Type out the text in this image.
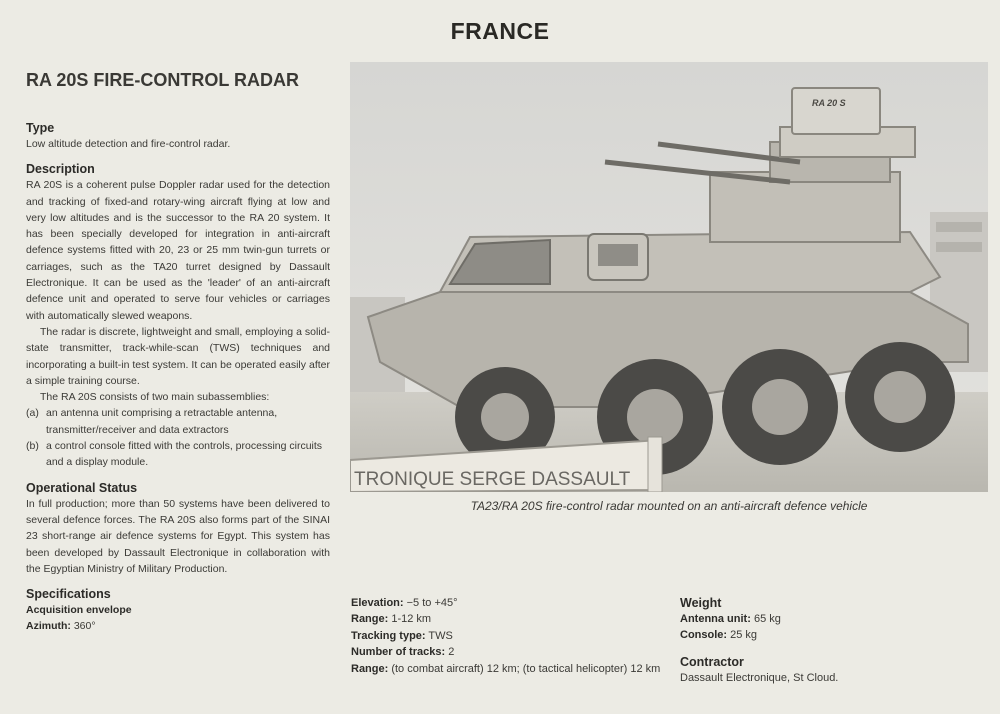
FRANCE
RA 20S FIRE-CONTROL RADAR
Type

Low altitude detection and fire-control radar.

Description

RA 20S is a coherent pulse Doppler radar used for the detection and tracking of fixed-and rotary-wing aircraft flying at low and very low altitudes and is the successor to the RA 20 system. It has been specially developed for integration in anti-aircraft defence systems fitted with 20, 23 or 25 mm twin-gun turrets or carriages, such as the TA20 turret designed by Dassault Electronique. It can be used as the 'leader' of an anti-aircraft defence unit and operated to serve four vehicles or carriages with automatically slewed weapons.

The radar is discrete, lightweight and small, employing a solid-state transmitter, track-while-scan (TWS) techniques and incorporating a built-in test system. It can be operated easily after a simple training course.

The RA 20S consists of two main subassemblies:

(a) an antenna unit comprising a retractable antenna, transmitter/receiver and data extractors
(b) a control console fitted with the controls, processing circuits and a display module.
Operational Status

In full production; more than 50 systems have been delivered to several defence forces. The RA 20S also forms part of the SINAI 23 short-range air defence systems for Egypt. This system has been developed by Dassault Electronique in collaboration with the Egyptian Ministry of Military Production.

Specifications

Acquisition envelope

Azimuth: 360°

RA 20 S
TRONIQUE SERGE DASSAULT
TA23/RA 20S fire-control radar mounted on an anti-aircraft defence vehicle
Elevation: −5 to +45°
Range: 1-12 km
Tracking type: TWS
Number of tracks: 2
Range: (to combat aircraft) 12 km; (to tactical helicopter) 12 km
Weight
Antenna unit: 65 kg
Console: 25 kg
Contractor
Dassault Electronique, St Cloud.
